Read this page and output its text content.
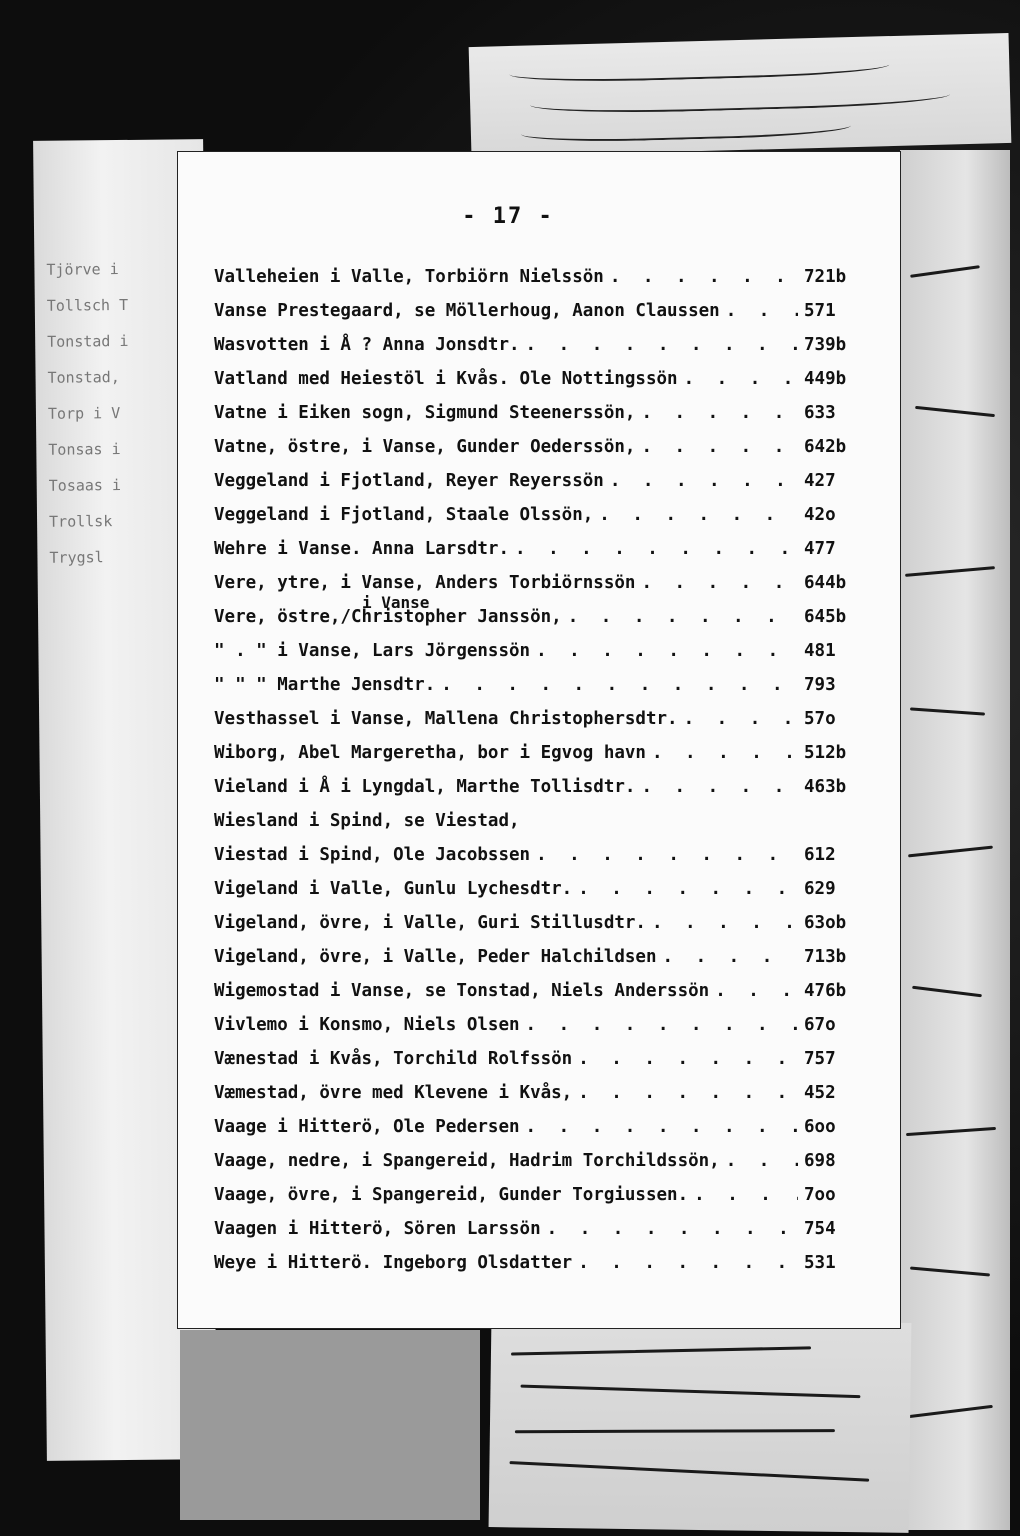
Tjörve i
Tollsch T
Tonstad i
Tonstad,
Torp i V
Tonsas i
Tosaas i
Trollsk
Trygsl
- 17 -
Valleheien i Valle, Torbiörn Nielssön . . .	721b
Vanse Prestegaard, se Möllerhoug, Aanon Claussen . . .	571
Wasvotten i Å ? Anna Jonsdtr. . . .	739b
Vatland med Heiestöl i Kvås. Ole Nottingssön . . .	449b
Vatne i Eiken sogn, Sigmund Steenerssön, . . .	633
Vatne, östre, i Vanse, Gunder Oederssön, . . .	642b
Veggeland i Fjotland, Reyer Reyerssön . . .	427
Veggeland i Fjotland, Staale Olssön, . . .	42o
Wehre i Vanse. Anna Larsdtr. . . .	477
Vere, ytre, i Vanse, Anders Torbiörnssön . . .	644b
i Vanse
Vere, östre,/Christopher Janssön, . . .	645b
" . " i Vanse, Lars Jörgenssön . . .	481
" " " Marthe Jensdtr. . . .	793
Vesthassel i Vanse, Mallena Christophersdtr. . . .	57o
Wiborg, Abel Margeretha, bor i Egvog havn . . .	512b
Vieland i Å i Lyngdal, Marthe Tollisdtr. . . .	463b
Wiesland i Spind, se Viestad,
Viestad i Spind, Ole Jacobssen . . .	612
Vigeland i Valle, Gunlu Lychesdtr. . . .	629
Vigeland, övre, i Valle, Guri Stillusdtr. . . .	63ob
Vigeland, övre, i Valle, Peder Halchildsen . . .	713b
Wigemostad i Vanse, se Tonstad, Niels Anderssön . . .	476b
Vivlemo i Konsmo, Niels Olsen . . .	67o
Vænestad i Kvås, Torchild Rolfssön . . .	757
Væmestad, övre med Klevene i Kvås, . . .	452
Vaage i Hitterö, Ole Pedersen . . .	6oo
Vaage, nedre, i Spangereid, Hadrim Torchildssön, . . .	698
Vaage, övre, i Spangereid, Gunder Torgiussen. . . .	7oo
Vaagen i Hitterö, Sören Larssön . . .	754
Weye i Hitterö. Ingeborg Olsdatter . . .	531
